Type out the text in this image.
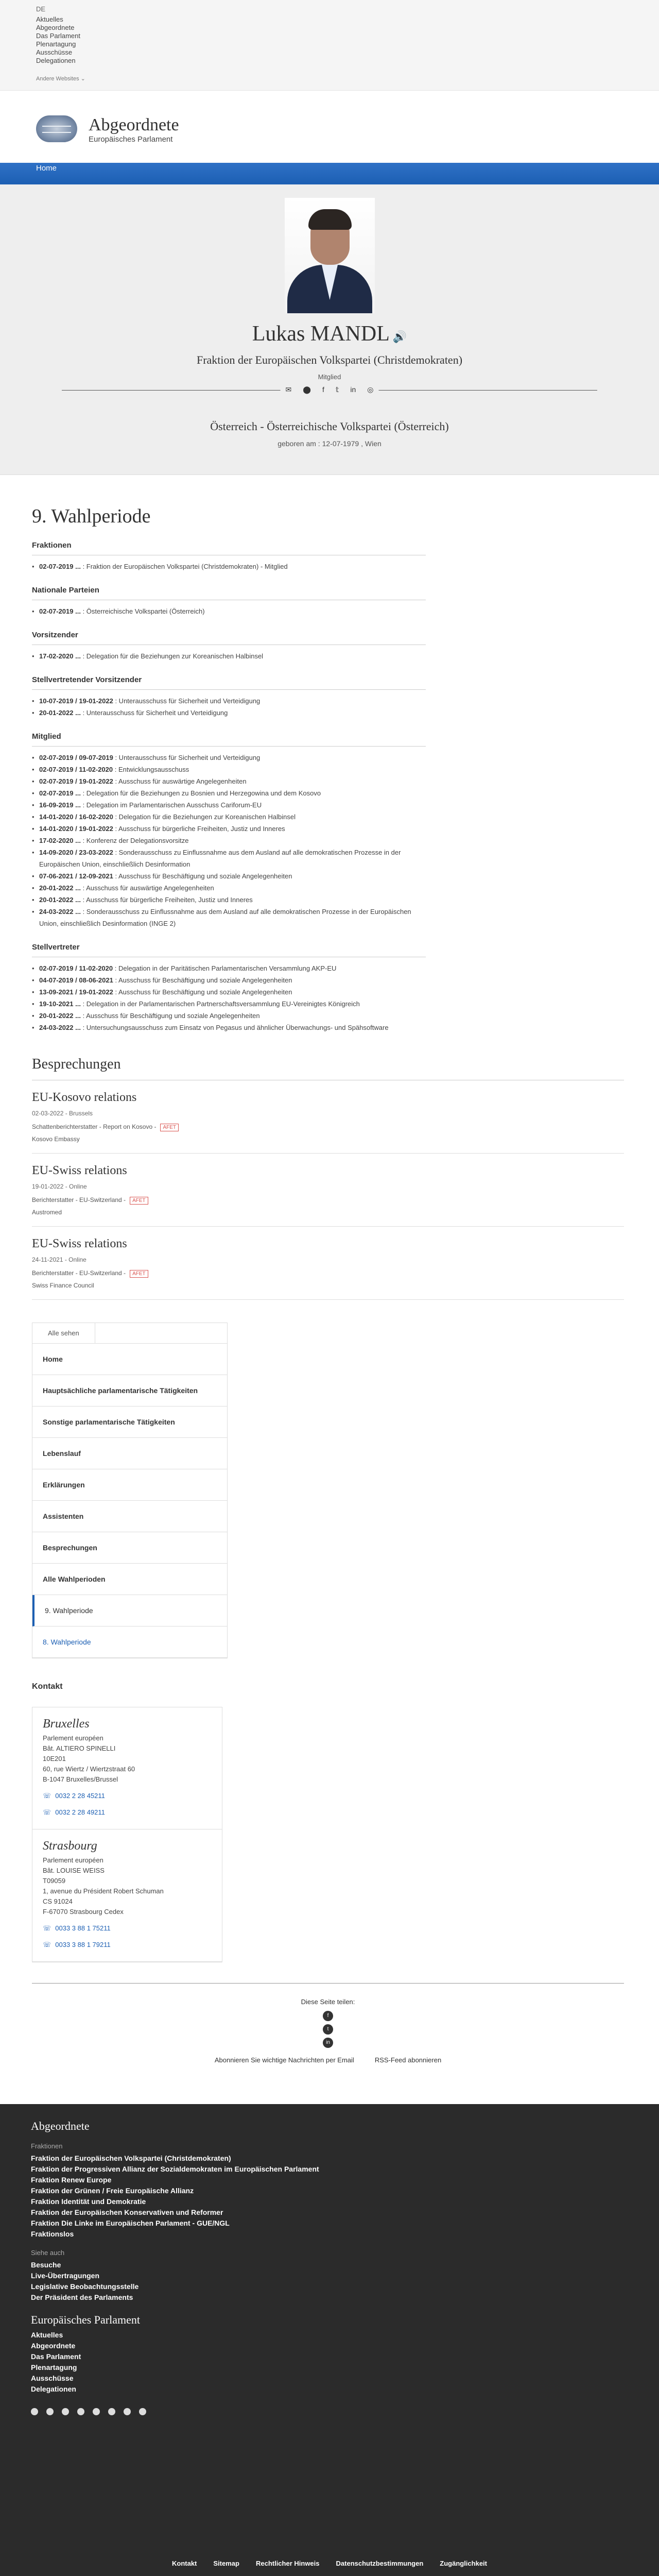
DE
Aktuelles
Abgeordnete
Das Parlament
Plenartagung
Ausschüsse
Delegationen
Andere Websites ⌄
Abgeordnete
Europäisches Parlament
Home
Lukas MANDL 🔊
Fraktion der Europäischen Volkspartei (Christdemokraten)
Mitglied
✉ ⬤ f 𝕥 in ◎
Österreich - Österreichische Volkspartei (Österreich)
geboren am : 12-07-1979 , Wien
9. Wahlperiode
Fraktionen
• 02-07-2019 ... : Fraktion der Europäischen Volkspartei (Christdemokraten) - Mitglied
Nationale Parteien
• 02-07-2019 ... : Österreichische Volkspartei (Österreich)
Vorsitzender
• 17-02-2020 ... : Delegation für die Beziehungen zur Koreanischen Halbinsel
Stellvertretender Vorsitzender
• 10-07-2019 / 19-01-2022 : Unterausschuss für Sicherheit und Verteidigung
• 20-01-2022 ... : Unterausschuss für Sicherheit und Verteidigung
Mitglied
• 02-07-2019 / 09-07-2019 : Unterausschuss für Sicherheit und Verteidigung
• 02-07-2019 / 11-02-2020 : Entwicklungsausschuss
• 02-07-2019 / 19-01-2022 : Ausschuss für auswärtige Angelegenheiten
• 02-07-2019 ... : Delegation für die Beziehungen zu Bosnien und Herzegowina und dem Kosovo
• 16-09-2019 ... : Delegation im Parlamentarischen Ausschuss Cariforum-EU
• 14-01-2020 / 16-02-2020 : Delegation für die Beziehungen zur Koreanischen Halbinsel
• 14-01-2020 / 19-01-2022 : Ausschuss für bürgerliche Freiheiten, Justiz und Inneres
• 17-02-2020 ... : Konferenz der Delegationsvorsitze
• 14-09-2020 / 23-03-2022 : Sonderausschuss zu Einflussnahme aus dem Ausland auf alle demokratischen Prozesse in der Europäischen Union, einschließlich Desinformation
• 07-06-2021 / 12-09-2021 : Ausschuss für Beschäftigung und soziale Angelegenheiten
• 20-01-2022 ... : Ausschuss für auswärtige Angelegenheiten
• 20-01-2022 ... : Ausschuss für bürgerliche Freiheiten, Justiz und Inneres
• 24-03-2022 ... : Sonderausschuss zu Einflussnahme aus dem Ausland auf alle demokratischen Prozesse in der Europäischen Union, einschließlich Desinformation (INGE 2)
Stellvertreter
• 02-07-2019 / 11-02-2020 : Delegation in der Paritätischen Parlamentarischen Versammlung AKP-EU
• 04-07-2019 / 08-06-2021 : Ausschuss für Beschäftigung und soziale Angelegenheiten
• 13-09-2021 / 19-01-2022 : Ausschuss für Beschäftigung und soziale Angelegenheiten
• 19-10-2021 ... : Delegation in der Parlamentarischen Partnerschaftsversammlung EU-Vereinigtes Königreich
• 20-01-2022 ... : Ausschuss für Beschäftigung und soziale Angelegenheiten
• 24-03-2022 ... : Untersuchungsausschuss zum Einsatz von Pegasus und ähnlicher Überwachungs- und Spähsoftware
Besprechungen
EU-Kosovo relations
02-03-2022 - Brussels
Schattenberichterstatter - Report on Kosovo - AFET
Kosovo Embassy
EU-Swiss relations
19-01-2022 - Online
Berichterstatter - EU-Switzerland - AFET
Austromed
EU-Swiss relations
24-11-2021 - Online
Berichterstatter - EU-Switzerland - AFET
Swiss Finance Council
Alle sehen
Home
Hauptsächliche parlamentarische Tätigkeiten
Sonstige parlamentarische Tätigkeiten
Lebenslauf
Erklärungen
Assistenten
Besprechungen
Alle Wahlperioden
9. Wahlperiode
8. Wahlperiode
Kontakt
Bruxelles
Parlement européen
Bât. ALTIERO SPINELLI
10E201
60, rue Wiertz / Wiertzstraat 60
B-1047 Bruxelles/Brussel
☏ 0032 2 28 45211
☏ 0032 2 28 49211
Strasbourg
Parlement européen
Bât. LOUISE WEISS
T09059
1, avenue du Président Robert Schuman
CS 91024
F-67070 Strasbourg Cedex
☏ 0033 3 88 1 75211
☏ 0033 3 88 1 79211
Diese Seite teilen:
f
t
in
Abonnieren Sie wichtige Nachrichten per Email	RSS-Feed abonnieren
Abgeordnete
Fraktionen
Fraktion der Europäischen Volkspartei (Christdemokraten)
Fraktion der Progressiven Allianz der Sozialdemokraten im Europäischen Parlament
Fraktion Renew Europe
Fraktion der Grünen / Freie Europäische Allianz
Fraktion Identität und Demokratie
Fraktion der Europäischen Konservativen und Reformer
Fraktion Die Linke im Europäischen Parlament - GUE/NGL
Fraktionslos
Siehe auch
Besuche
Live-Übertragungen
Legislative Beobachtungsstelle
Der Präsident des Parlaments
Europäisches Parlament
Aktuelles
Abgeordnete
Das Parlament
Plenartagung
Ausschüsse
Delegationen
Kontakt Sitemap Rechtlicher Hinweis Datenschutzbestimmungen Zugänglichkeit
